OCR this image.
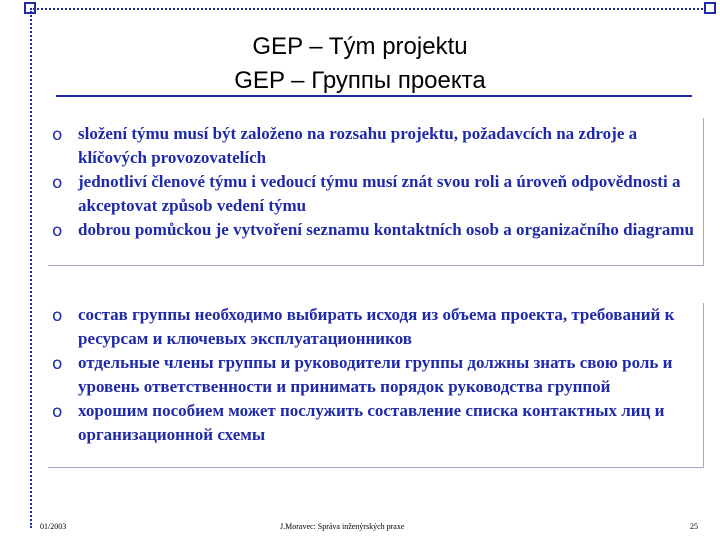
GEP – Tým projektu

GEP – Группы проекта

o složení týmu musí být založeno na rozsahu projektu, požadavcích na zdroje a klíčových provozovatelích
o jednotliví členové týmu i vedoucí týmu musí znát svou roli a úroveň odpovědnosti a akceptovat způsob vedení týmu
o dobrou pomůckou je vytvoření seznamu kontaktních osob a organizačního diagramu
o состав группы необходимо выбирать исходя из объема проекта, требований к ресурсам и ключевых эксплуатационников
o отдельные члены группы и руководители группы должны знать свою роль и уровень ответственности и принимать порядок руководства группой
o хорошим пособием может послужить составление списка контактных лиц и организационной схемы
01/2003	J.Moravec: Správa inženýrských praxe	25
